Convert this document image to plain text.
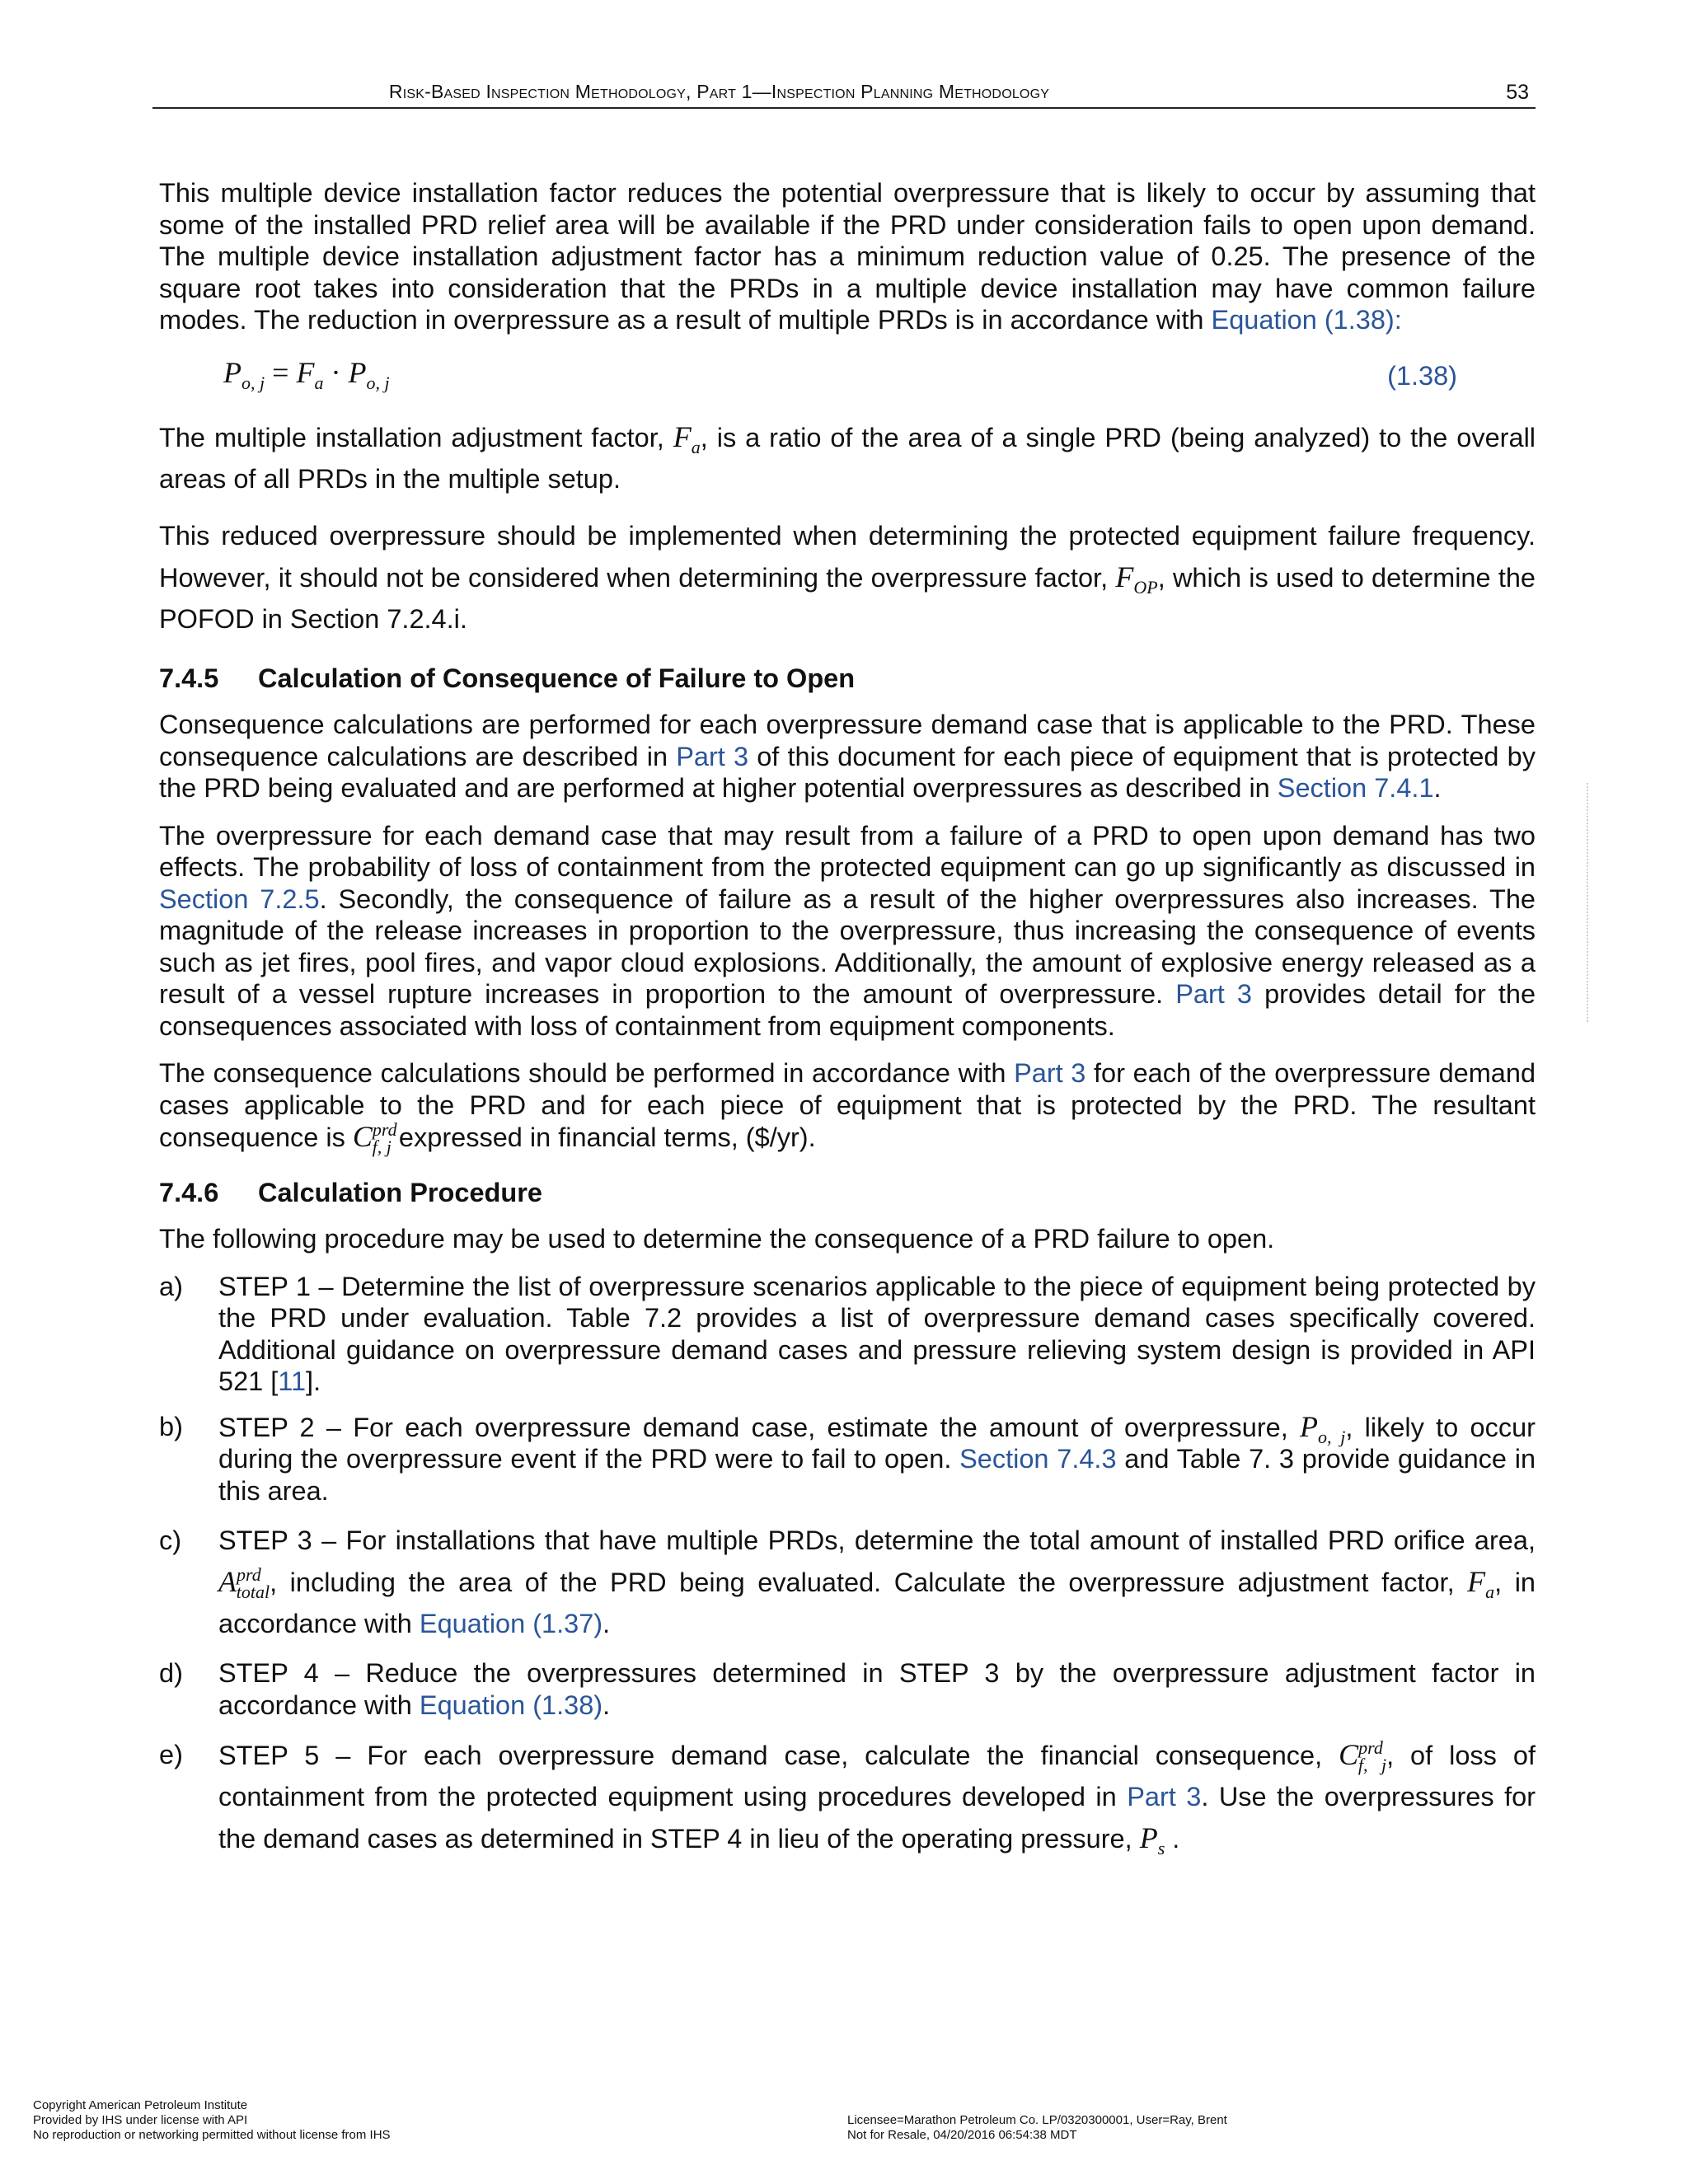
Risk-Based Inspection Methodology, Part 1—Inspection Planning Methodology	53

This multiple device installation factor reduces the potential overpressure that is likely to occur by assuming that some of the installed PRD relief area will be available if the PRD under consideration fails to open upon demand. The multiple device installation adjustment factor has a minimum reduction value of 0.25. The presence of the square root takes into consideration that the PRDs in a multiple device installation may have common failure modes. The reduction in overpressure as a result of multiple PRDs is in accordance with Equation (1.38):

$P_{o, j} = F_a \cdot P_{o, j}$	(1.38)

The multiple installation adjustment factor, $F_a$, is a ratio of the area of a single PRD (being analyzed) to the overall areas of all PRDs in the multiple setup.

This reduced overpressure should be implemented when determining the protected equipment failure frequency. However, it should not be considered when determining the overpressure factor, $F_{OP}$, which is used to determine the POFOD in Section 7.2.4.i.

7.4.5 Calculation of Consequence of Failure to Open

Consequence calculations are performed for each overpressure demand case that is applicable to the PRD. These consequence calculations are described in Part 3 of this document for each piece of equipment that is protected by the PRD being evaluated and are performed at higher potential overpressures as described in Section 7.4.1.

The overpressure for each demand case that may result from a failure of a PRD to open upon demand has two effects. The probability of loss of containment from the protected equipment can go up significantly as discussed in Section 7.2.5. Secondly, the consequence of failure as a result of the higher overpressures also increases. The magnitude of the release increases in proportion to the overpressure, thus increasing the consequence of events such as jet fires, pool fires, and vapor cloud explosions. Additionally, the amount of explosive energy released as a result of a vessel rupture increases in proportion to the amount of overpressure. Part 3 provides detail for the consequences associated with loss of containment from equipment components.

The consequence calculations should be performed in accordance with Part 3 for each of the overpressure demand cases applicable to the PRD and for each piece of equipment that is protected by the PRD. The resultant consequence is $C^{prd}_{f, j}$ expressed in financial terms, ($/yr).

7.4.6 Calculation Procedure

The following procedure may be used to determine the consequence of a PRD failure to open.

a) STEP 1 – Determine the list of overpressure scenarios applicable to the piece of equipment being protected by the PRD under evaluation. Table 7.2 provides a list of overpressure demand cases specifically covered. Additional guidance on overpressure demand cases and pressure relieving system design is provided in API 521 [11].
b) STEP 2 – For each overpressure demand case, estimate the amount of overpressure, $P_{o, j}$, likely to occur during the overpressure event if the PRD were to fail to open. Section 7.4.3 and Table 7. 3 provide guidance in this area.
c) STEP 3 – For installations that have multiple PRDs, determine the total amount of installed PRD orifice area, $A^{prd}_{total}$, including the area of the PRD being evaluated. Calculate the overpressure adjustment factor, $F_a$, in accordance with Equation (1.37).
d) STEP 4 – Reduce the overpressures determined in STEP 3 by the overpressure adjustment factor in accordance with Equation (1.38).
e) STEP 5 – For each overpressure demand case, calculate the financial consequence, $C^{prd}_{f, j}$, of loss of containment from the protected equipment using procedures developed in Part 3. Use the overpressures for the demand cases as determined in STEP 4 in lieu of the operating pressure, $P_s$ .
Copyright American Petroleum Institute
Provided by IHS under license with API
No reproduction or networking permitted without license from IHS
Licensee=Marathon Petroleum Co. LP/0320300001, User=Ray, Brent
Not for Resale, 04/20/2016 06:54:38 MDT
